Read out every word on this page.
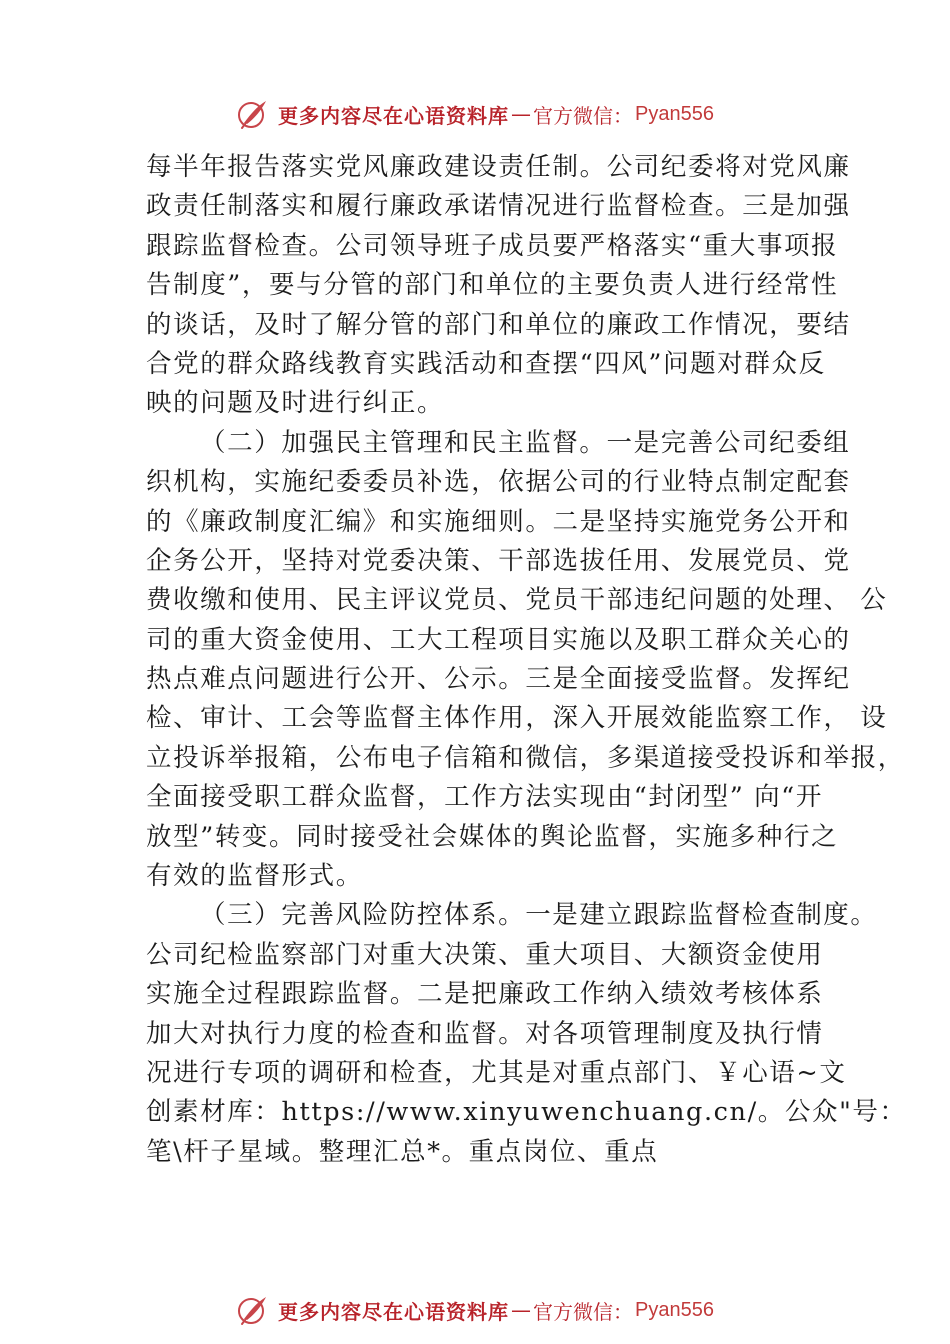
更多内容尽在心语资料库 — 官方微信： Pyan556
每半年报告落实党风廉政建设责任制。公司纪委将对党风廉
政责任制落实和履行廉政承诺情况进行监督检查。三是加强
跟踪监督检查。公司领导班子成员要严格落实“重大事项报
告制度”，要与分管的部门和单位的主要负责人进行经常性
的谈话，及时了解分管的部门和单位的廉政工作情况，要结
合党的群众路线教育实践活动和查摆“四风”问题对群众反
映的问题及时进行纠正。
（二）加强民主管理和民主监督。一是完善公司纪委组
织机构，实施纪委委员补选，依据公司的行业特点制定配套
的《廉政制度汇编》和实施细则。二是坚持实施党务公开和
企务公开，坚持对党委决策、干部选拔任用、发展党员、党
费收缴和使用、民主评议党员、党员干部违纪问题的处理、 公
司的重大资金使用、工大工程项目实施以及职工群众关心的
热点难点问题进行公开、公示。三是全面接受监督。发挥纪
检、审计、工会等监督主体作用，深入开展效能监察工作， 设
立投诉举报箱，公布电子信箱和微信，多渠道接受投诉和举报，
全面接受职工群众监督，工作方法实现由“封闭型” 向“开
放型”转变。同时接受社会媒体的舆论监督，实施多种行之
有效的监督形式。
（三）完善风险防控体系。一是建立跟踪监督检查制度。
公司纪检监察部门对重大决策、重大项目、大额资金使用
实施全过程跟踪监督。二是把廉政工作纳入绩效考核体系
加大对执行力度的检查和监督。对各项管理制度及执行情
况进行专项的调研和检查，尤其是对重点部门、￥心语~文
创素材库：https://www.xinyuwenchuang.cn/。公众"号：
笔\杆子星域。整理汇总*。重点岗位、重点
更多内容尽在心语资料库 — 官方微信： Pyan556
